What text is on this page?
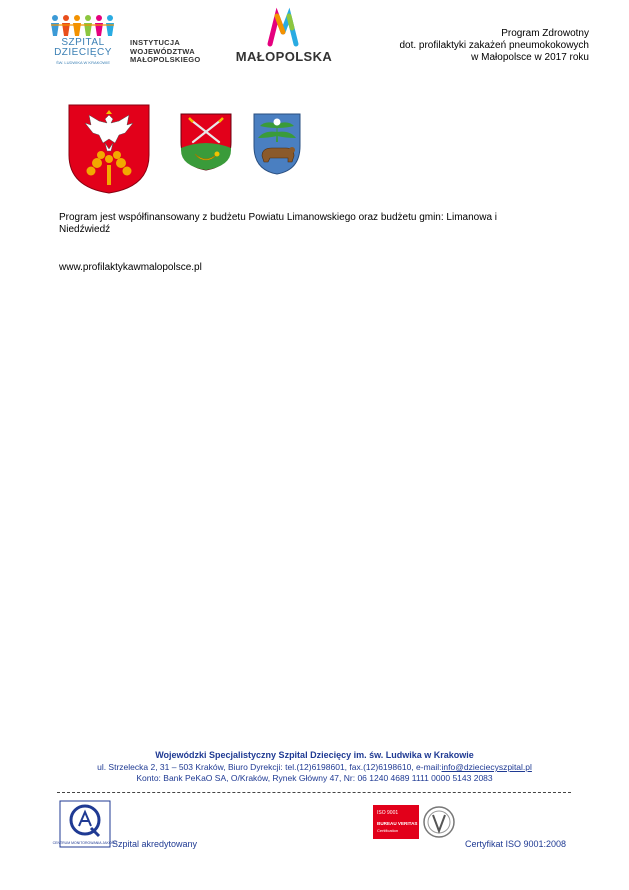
SZPITAL
DZIECIĘCY
ŚW. LUDWIKA W KRAKOWIE
INSTYTUCJA
WOJEWÓDZTWA
MAŁOPOLSKIEGO	MAŁOPOLSKA
Program Zdrowotny
dot. profilaktyki zakażeń pneumokokowych
w Małopolsce w 2017 roku
Program jest współfinansowany z budżetu Powiatu Limanowskiego oraz budżetu gmin: Limanowa i Niedźwiedź
www.profilaktykawmalopolsce.pl
Wojewódzki Specjalistyczny Szpital Dziecięcy im. św. Ludwika w Krakowie
ul. Strzelecka 2, 31 – 503 Kraków, Biuro Dyrekcji: tel.(12)6198601, fax.(12)6198610, e-mail:info@dzieciecyszpital.pl
Konto: Bank PeKaO SA, O/Kraków, Rynek Główny 47, Nr: 06 1240 4689 1111 0000 5143 2083
CENTRUM MONITOROWANIA JAKOŚCI
Szpital akredytowany
ISO 9001
BUREAU VERITAS
Certification
Certyfikat ISO 9001:2008
